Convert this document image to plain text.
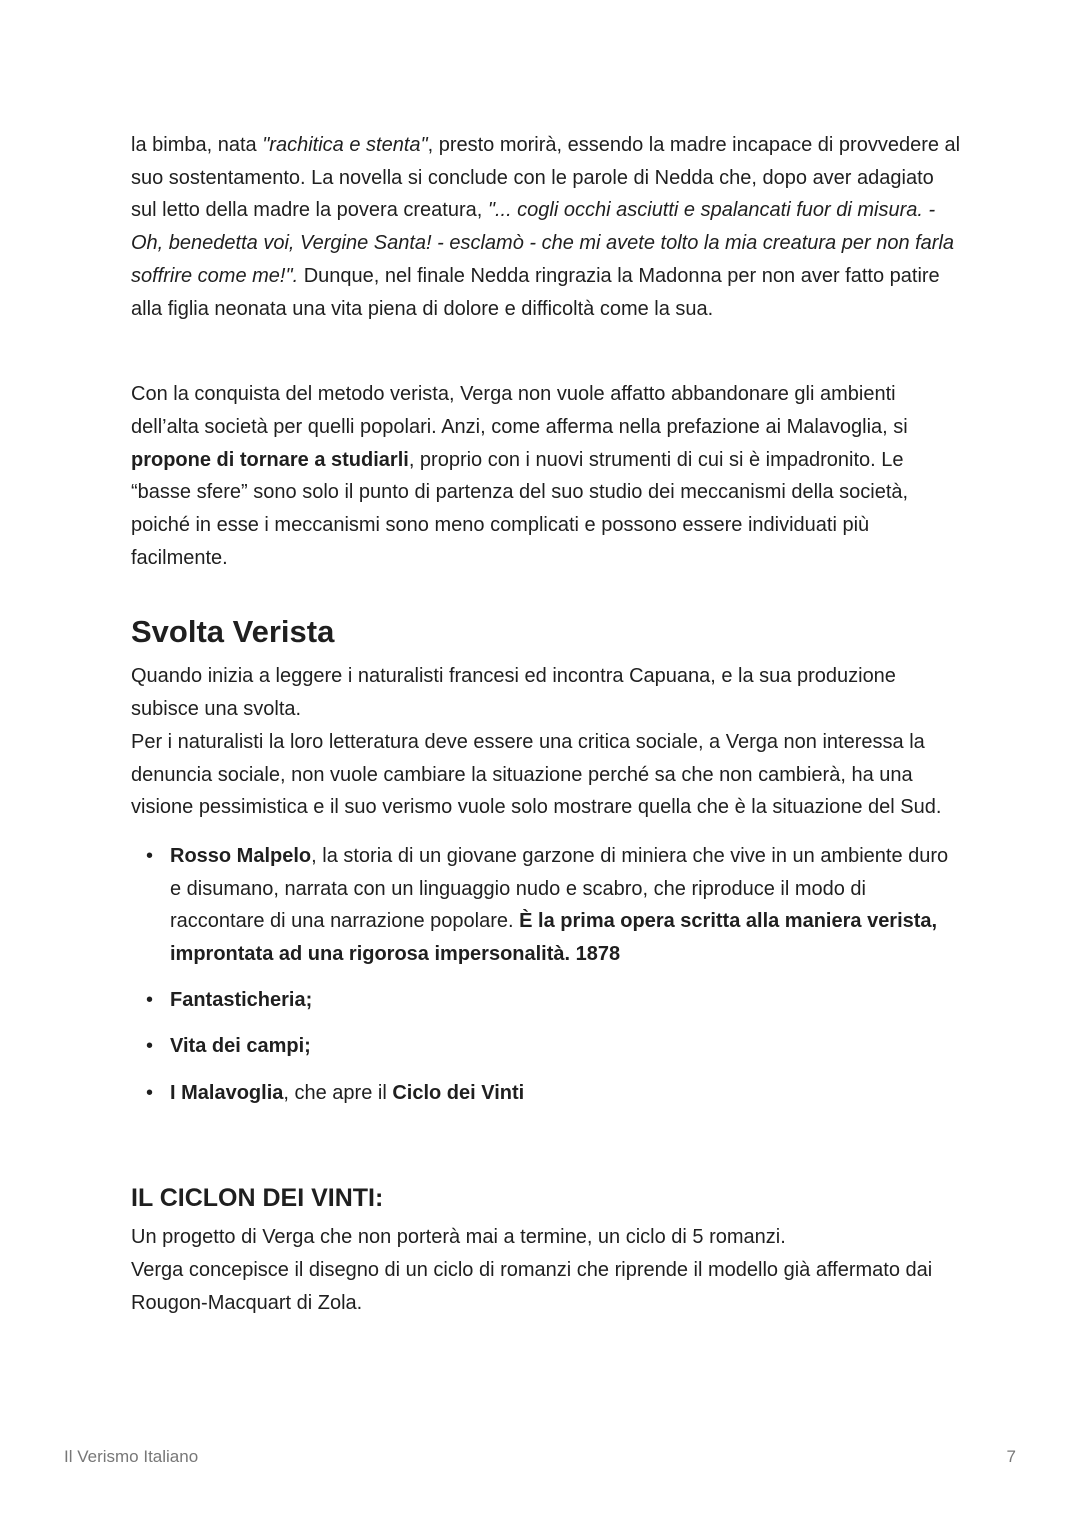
la bimba, nata "rachitica e stenta", presto morirà, essendo la madre incapace di provvedere al suo sostentamento. La novella si conclude con le parole di Nedda che, dopo aver adagiato sul letto della madre la povera creatura, "... cogli occhi asciutti e spalancati fuor di misura. - Oh, benedetta voi, Vergine Santa! - esclamò - che mi avete tolto la mia creatura per non farla soffrire come me!". Dunque, nel finale Nedda ringrazia la Madonna per non aver fatto patire alla figlia neonata una vita piena di dolore e difficoltà come la sua.

Con la conquista del metodo verista, Verga non vuole affatto abbandonare gli ambienti dell’alta società per quelli popolari. Anzi, come afferma nella prefazione ai Malavoglia, si propone di tornare a studiarli, proprio con i nuovi strumenti di cui si è impadronito. Le “basse sfere” sono solo il punto di partenza del suo studio dei meccanismi della società, poiché in esse i meccanismi sono meno complicati e possono essere individuati più facilmente.

Svolta Verista

Quando inizia a leggere i naturalisti francesi ed incontra Capuana, e la sua produzione subisce una svolta.

Per i naturalisti la loro letteratura deve essere una critica sociale, a Verga non interessa la denuncia sociale, non vuole cambiare la situazione perché sa che non cambierà, ha una visione pessimistica e il suo verismo vuole solo mostrare quella che è la situazione del Sud.

• Rosso Malpelo, la storia di un giovane garzone di miniera che vive in un ambiente duro e disumano, narrata con un linguaggio nudo e scabro, che riproduce il modo di raccontare di una narrazione popolare. È la prima opera scritta alla maniera verista, improntata ad una rigorosa impersonalità. 1878
• Fantasticheria;
• Vita dei campi;
• I Malavoglia, che apre il Ciclo dei Vinti
IL CICLON DEI VINTI:

Un progetto di Verga che non porterà mai a termine, un ciclo di 5 romanzi.

Verga concepisce il disegno di un ciclo di romanzi che riprende il modello già affermato dai Rougon-Macquart di Zola.

Il Verismo Italiano	7
